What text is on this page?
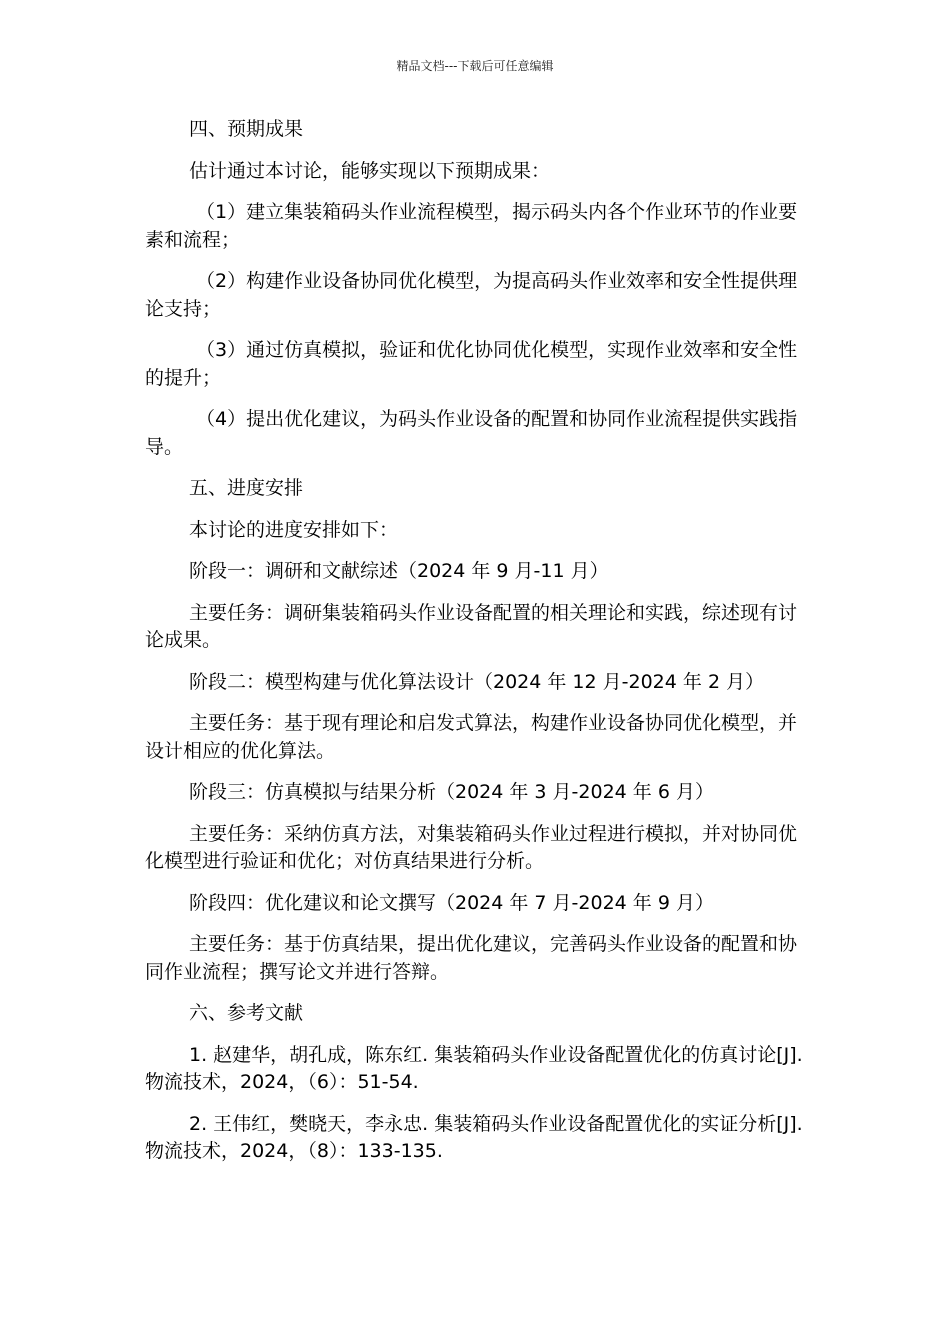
精品文档---下载后可任意编辑

四、预期成果

估计通过本讨论，能够实现以下预期成果：

（1）建立集装箱码头作业流程模型，揭示码头内各个作业环节的作业要素和流程；

（2）构建作业设备协同优化模型，为提高码头作业效率和安全性提供理论支持；

（3）通过仿真模拟，验证和优化协同优化模型，实现作业效率和安全性的提升；

（4）提出优化建议，为码头作业设备的配置和协同作业流程提供实践指导。

五、进度安排

本讨论的进度安排如下：

阶段一：调研和文献综述（2024 年 9 月-11 月）

主要任务：调研集装箱码头作业设备配置的相关理论和实践，综述现有讨论成果。

阶段二：模型构建与优化算法设计（2024 年 12 月-2024 年 2 月）

主要任务：基于现有理论和启发式算法，构建作业设备协同优化模型，并设计相应的优化算法。

阶段三：仿真模拟与结果分析（2024 年 3 月-2024 年 6 月）

主要任务：采纳仿真方法，对集装箱码头作业过程进行模拟，并对协同优化模型进行验证和优化；对仿真结果进行分析。

阶段四：优化建议和论文撰写（2024 年 7 月-2024 年 9 月）

主要任务：基于仿真结果，提出优化建议，完善码头作业设备的配置和协同作业流程；撰写论文并进行答辩。

六、参考文献

1. 赵建华，胡孔成，陈东红. 集装箱码头作业设备配置优化的仿真讨论[J]. 物流技术，2024，（6）：51-54.

2. 王伟红，樊晓天，李永忠. 集装箱码头作业设备配置优化的实证分析[J]. 物流技术，2024，（8）：133-135.
